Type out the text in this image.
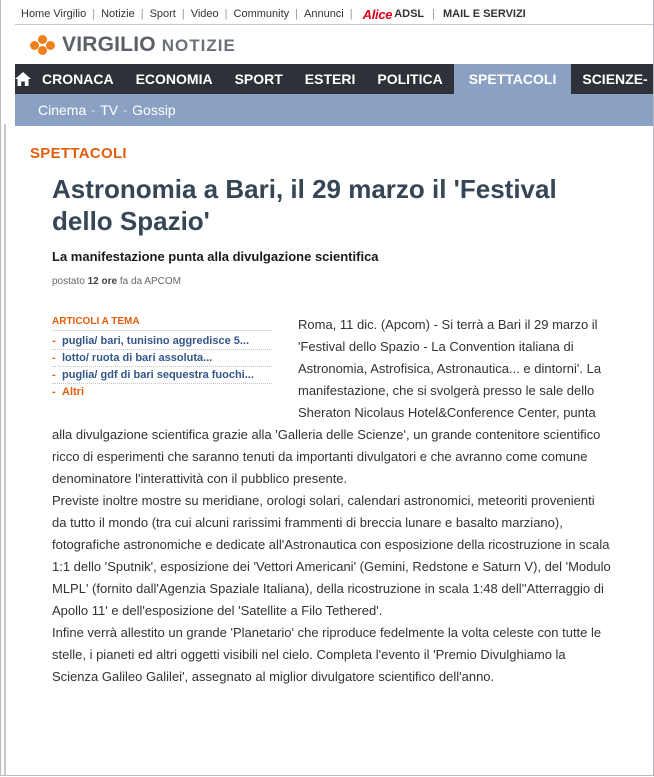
Home Virgilio | Notizie | Sport | Video | Community | Annunci | Alice ADSL | MAIL E SERVIZI
VIRGILIO NOTIZIE
CRONACA	ECONOMIA	SPORT	ESTERI	POLITICA	SPETTACOLI	SCIENZE-
Cinema - TV - Gossip
SPETTACOLI
Astronomia a Bari, il 29 marzo il 'Festival dello Spazio'
La manifestazione punta alla divulgazione scientifica
postato 12 ore fa da APCOM

Roma, 11 dic. (Apcom) - Si terrà a Bari il 29 marzo il 'Festival dello Spazio - La Convention italiana di Astronomia, Astrofisica, Astronautica... e dintorni'. La manifestazione, che si svolgerà presso le sale dello Sheraton Nicolaus Hotel&Conference Center, punta alla divulgazione scientifica grazie alla 'Galleria delle Scienze', un grande contenitore scientifico ricco di esperimenti che saranno tenuti da importanti divulgatori e che avranno come comune denominatore l'interattività con il pubblico presente.

Previste inoltre mostre su meridiane, orologi solari, calendari astronomici, meteoriti provenienti da tutto il mondo (tra cui alcuni rarissimi frammenti di breccia lunare e basalto marziano), fotografiche astronomiche e dedicate all'Astronautica con esposizione della ricostruzione in scala 1:1 dello 'Sputnik', esposizione dei 'Vettori Americani' (Gemini, Redstone e Saturn V), del 'Modulo MLPL' (fornito dall'Agenzia Spaziale Italiana), della ricostruzione in scala 1:48 dell''Atterraggio di Apollo 11' e dell'esposizione del 'Satellite a Filo Tethered'.

Infine verrà allestito un grande 'Planetario' che riproduce fedelmente la volta celeste con tutte le stelle, i pianeti ed altri oggetti visibili nel cielo. Completa l'evento il 'Premio Divulghiamo la Scienza Galileo Galilei', assegnato al miglior divulgatore scientifico dell'anno.

ARTICOLI A TEMA
- puglia/ bari, tunisino aggredisce 5...
- lotto/ ruota di bari assoluta...
- puglia/ gdf di bari sequestra fuochi...
- Altri
